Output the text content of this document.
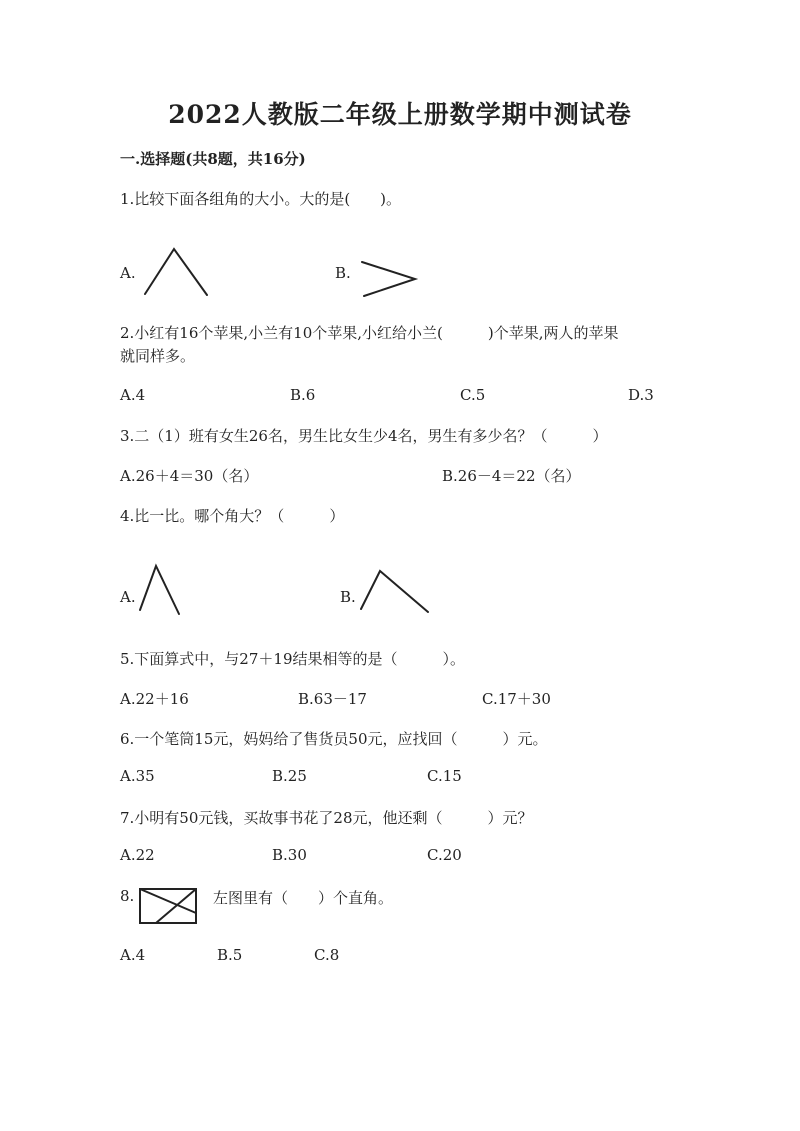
2022人教版二年级上册数学期中测试卷
一.选择题(共8题，共16分)
1.比较下面各组角的大小。大的是(　　)。
A.	B.
2.小红有16个苹果,小兰有10个苹果,小红给小兰(　　　)个苹果,两人的苹果
就同样多。
A.4	B.6	C.5	D.3
3.二（1）班有女生26名，男生比女生少4名，男生有多少名？（　　　）
A.26＋4＝30（名）	B.26－4＝22（名）
4.比一比。哪个角大？（　　　）
A.	B.
5.下面算式中，与27＋19结果相等的是（　　　）。
A.22＋16	B.63－17	C.17＋30
6.一个笔筒15元，妈妈给了售货员50元，应找回（　　　）元。
A.35	B.25	C.15
7.小明有50元钱，买故事书花了28元，他还剩（　　　）元？
A.22	B.30	C.20
8.	左图里有（　　）个直角。
A.4	B.5	C.8
